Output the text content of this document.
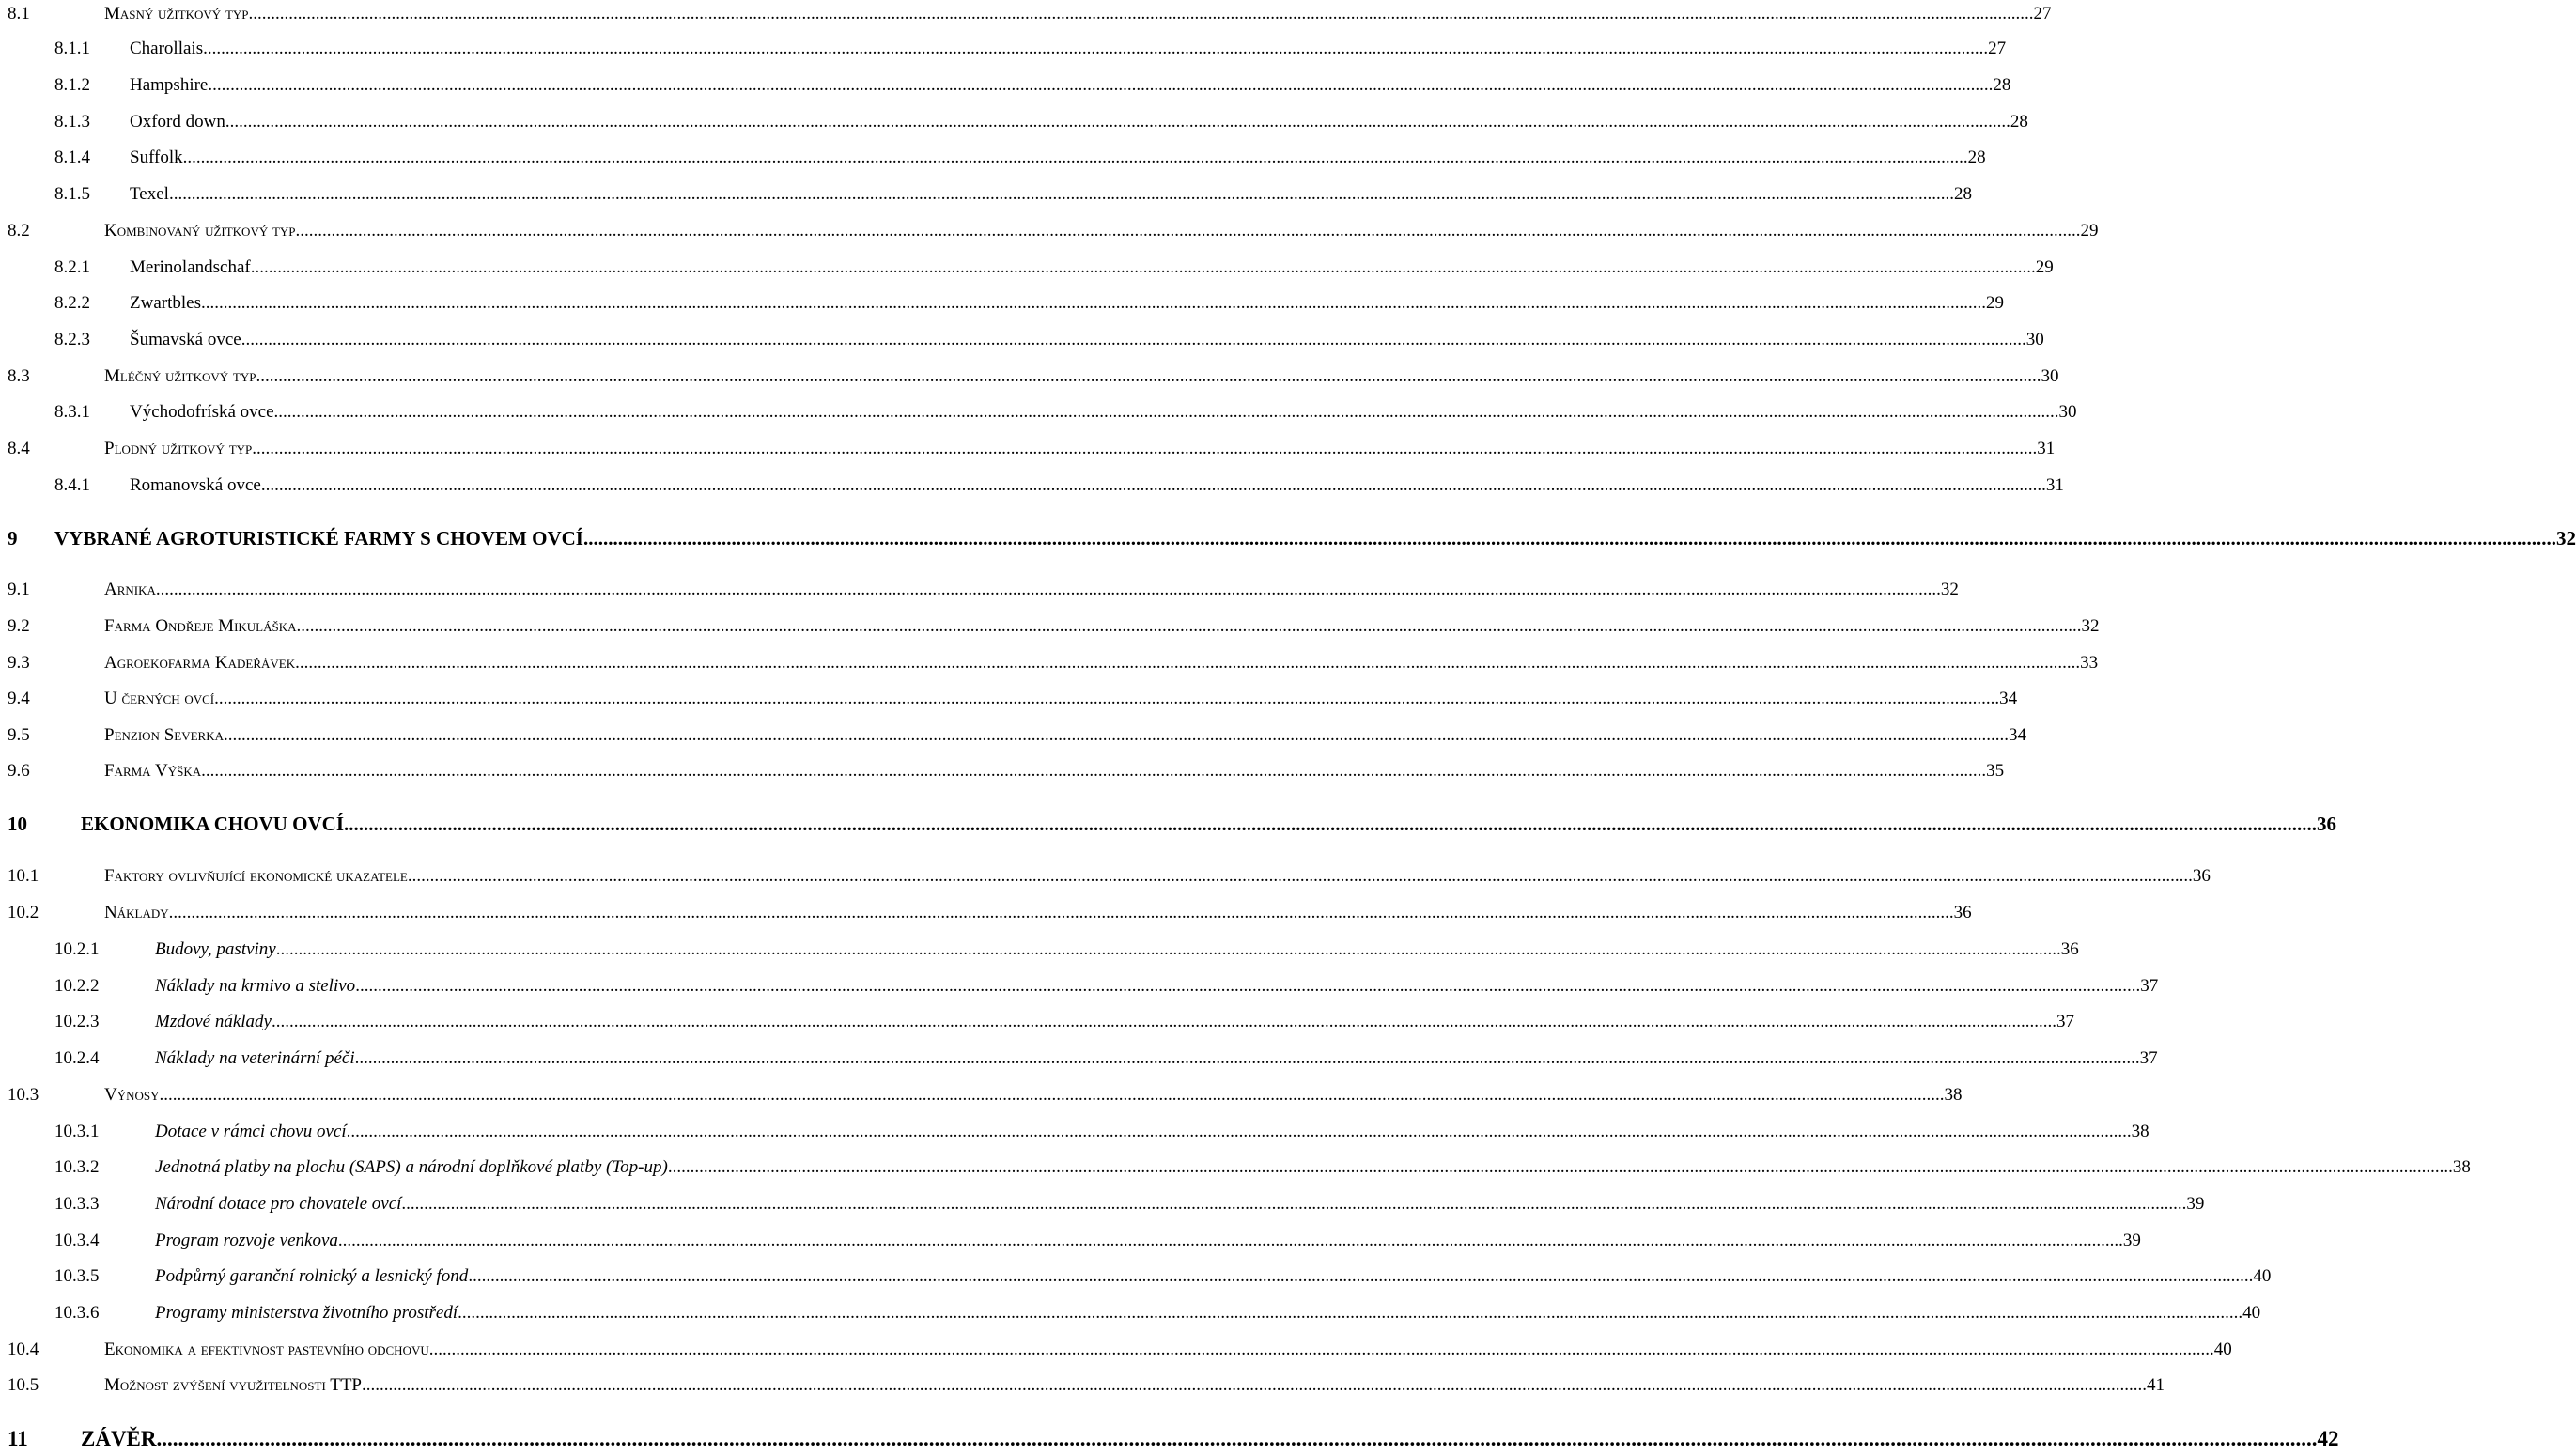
8.1	Masný užitkový typ ................................................................................................................................................................................................................................................................................................................................................................................................................ 27
8.1.1	Charollais ................................................................................................................................................................................................................................................................................................................................................................................................................ 27
8.1.2	Hampshire ................................................................................................................................................................................................................................................................................................................................................................................................................ 28
8.1.3	Oxford down ................................................................................................................................................................................................................................................................................................................................................................................................................ 28
8.1.4	Suffolk ................................................................................................................................................................................................................................................................................................................................................................................................................ 28
8.1.5	Texel ................................................................................................................................................................................................................................................................................................................................................................................................................ 28
8.2	Kombinovaný užitkový typ ................................................................................................................................................................................................................................................................................................................................................................................................................ 29
8.2.1	Merinolandschaf ................................................................................................................................................................................................................................................................................................................................................................................................................ 29
8.2.2	Zwartbles ................................................................................................................................................................................................................................................................................................................................................................................................................ 29
8.2.3	Šumavská ovce ................................................................................................................................................................................................................................................................................................................................................................................................................ 30
8.3	Mléčný užitkový typ ................................................................................................................................................................................................................................................................................................................................................................................................................ 30
8.3.1	Východofríská ovce ................................................................................................................................................................................................................................................................................................................................................................................................................ 30
8.4	Plodný užitkový typ ................................................................................................................................................................................................................................................................................................................................................................................................................ 31
8.4.1	Romanovská ovce ................................................................................................................................................................................................................................................................................................................................................................................................................ 31
9	VYBRANÉ AGROTURISTICKÉ FARMY S CHOVEM OVCÍ ................................................................................................................................................................................................................................................................................................................................................................................................................ 32
9.1	Arnika ................................................................................................................................................................................................................................................................................................................................................................................................................ 32
9.2	Farma Ondřeje Mikuláška ................................................................................................................................................................................................................................................................................................................................................................................................................ 32
9.3	Agroekofarma Kadeřávek ................................................................................................................................................................................................................................................................................................................................................................................................................ 33
9.4	U černých ovcí ................................................................................................................................................................................................................................................................................................................................................................................................................ 34
9.5	Penzion Severka ................................................................................................................................................................................................................................................................................................................................................................................................................ 34
9.6	Farma Výška ................................................................................................................................................................................................................................................................................................................................................................................................................ 35
10	EKONOMIKA CHOVU OVCÍ ................................................................................................................................................................................................................................................................................................................................................................................................................ 36
10.1	Faktory ovlivňující ekonomické ukazatele ................................................................................................................................................................................................................................................................................................................................................................................................................ 36
10.2	Náklady ................................................................................................................................................................................................................................................................................................................................................................................................................ 36
10.2.1	Budovy, pastviny ................................................................................................................................................................................................................................................................................................................................................................................................................ 36
10.2.2	Náklady na krmivo a stelivo ................................................................................................................................................................................................................................................................................................................................................................................................................ 37
10.2.3	Mzdové náklady ................................................................................................................................................................................................................................................................................................................................................................................................................ 37
10.2.4	Náklady na veterinární péči ................................................................................................................................................................................................................................................................................................................................................................................................................ 37
10.3	Výnosy ................................................................................................................................................................................................................................................................................................................................................................................................................ 38
10.3.1	Dotace v rámci chovu ovcí ................................................................................................................................................................................................................................................................................................................................................................................................................ 38
10.3.2	Jednotná platby na plochu (SAPS) a národní doplňkové platby (Top-up) ................................................................................................................................................................................................................................................................................................................................................................................................................ 38
10.3.3	Národní dotace pro chovatele ovcí ................................................................................................................................................................................................................................................................................................................................................................................................................ 39
10.3.4	Program rozvoje venkova ................................................................................................................................................................................................................................................................................................................................................................................................................ 39
10.3.5	Podpůrný garanční rolnický a lesnický fond ................................................................................................................................................................................................................................................................................................................................................................................................................ 40
10.3.6	Programy ministerstva životního prostředí ................................................................................................................................................................................................................................................................................................................................................................................................................ 40
10.4	Ekonomika a efektivnost pastevního odchovu ................................................................................................................................................................................................................................................................................................................................................................................................................ 40
10.5	Možnost zvýšení využitelnosti TTP ................................................................................................................................................................................................................................................................................................................................................................................................................ 41
11	ZÁVĚR ................................................................................................................................................................................................................................................................................................................................................................................................................ 42
